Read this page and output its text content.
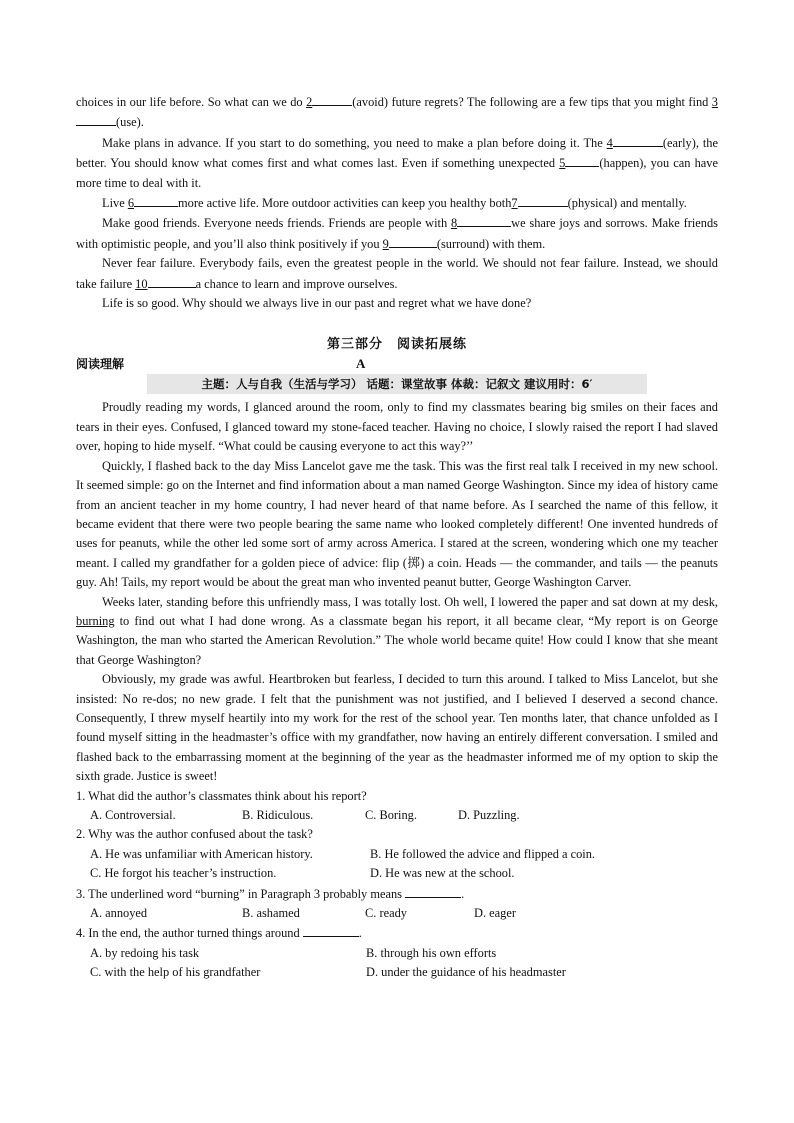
choices in our life before. So what can we do 2	(avoid) future regrets? The following are a few tips that you might find 3(use).

Make plans in advance. If you start to do something, you need to make a plan before doing it. The 4	(early), the better. You should know what comes first and what comes last. Even if something unexpected 5	(happen), you can have more time to deal with it.

Live 6	more active life. More outdoor activities can keep you healthy both7	(physical) and mentally.

Make good friends. Everyone needs friends. Friends are people with 8	we share joys and sorrows. Make friends with optimistic people, and you’ll also think positively if you 9	(surround) with them.

Never fear failure. Everybody fails, even the greatest people in the world. We should not fear failure. Instead, we should take failure 10	a chance to learn and improve ourselves.

Life is so good. Why should we always live in our past and regret what we have done?

第三部分　阅读拓展练
阅读理解	A
主题：人与自我（生活与学习） 话题：课堂故事 体裁：记叙文 建议用时：6′

Proudly reading my words, I glanced around the room, only to find my classmates bearing big smiles on their faces and tears in their eyes. Confused, I glanced toward my stone-faced teacher. Having no choice, I slowly raised the report I had slaved over, hoping to hide myself. “What could be causing everyone to act this way?’’

Quickly, I flashed back to the day Miss Lancelot gave me the task. This was the first real talk I received in my new school. It seemed simple: go on the Internet and find information about a man named George Washington. Since my idea of history came from an ancient teacher in my home country, I had never heard of that name before. As I searched the name of this fellow, it became evident that there were two people bearing the same name who looked completely different! One invented hundreds of uses for peanuts, while the other led some sort of army across America. I stared at the screen, wondering which one my teacher meant. I called my grandfather for a golden piece of advice: flip (掷) a coin. Heads — the commander, and tails — the peanuts guy. Ah! Tails, my report would be about the great man who invented peanut butter, George Washington Carver.

Weeks later, standing before this unfriendly mass, I was totally lost. Oh well, I lowered the paper and sat down at my desk, burning to find out what I had done wrong. As a classmate began his report, it all became clear, “My report is on George Washington, the man who started the American Revolution.” The whole world became quite! How could I know that she meant that George Washington?

Obviously, my grade was awful. Heartbroken but fearless, I decided to turn this around. I talked to Miss Lancelot, but she insisted: No re-dos; no new grade. I felt that the punishment was not justified, and I believed I deserved a second chance. Consequently, I threw myself heartily into my work for the rest of the school year. Ten months later, that chance unfolded as I found myself sitting in the headmaster’s office with my grandfather, now having an entirely different conversation. I smiled and flashed back to the embarrassing moment at the beginning of the year as the headmaster informed me of my option to skip the sixth grade. Justice is sweet!

1. What did the author’s classmates think about his report?
A. Controversial.	B. Ridiculous.	C. Boring.	D. Puzzling.
2. Why was the author confused about the task?
A. He was unfamiliar with American history.	B. He followed the advice and flipped a coin.
C. He forgot his teacher’s instruction.	D. He was new at the school.
3. The underlined word “burning” in Paragraph 3 probably means	.
A. annoyed	B. ashamed	C. ready	D. eager
4. In the end, the author turned things around	.
A. by redoing his task	B. through his own efforts
C. with the help of his grandfather	D. under the guidance of his headmaster
